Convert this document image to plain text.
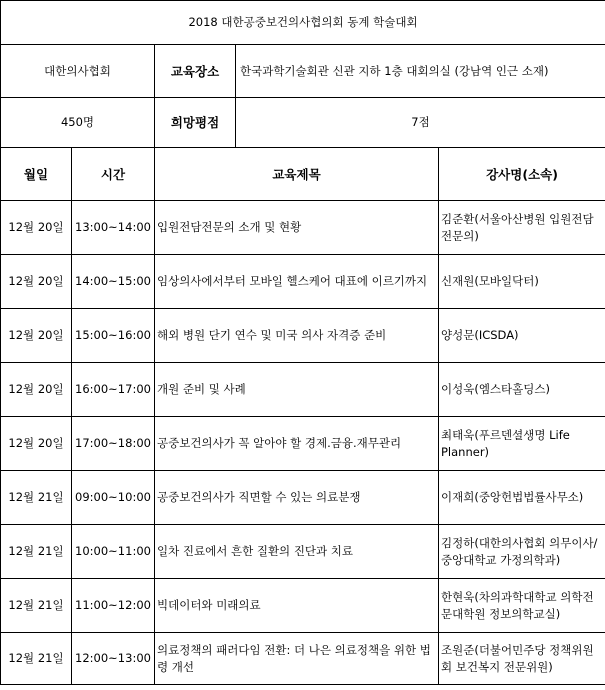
2018 대한공중보건의사협의회 동계 학술대회			
대한의사협회		교육장소 한국과학기술회관 신관 지하 1층 대회의실 (강남역 인근 소재)	

450명		희망평점 7점	

월일	시간	교육제목	강사명(소속)
12월 20일	13:00~14:00	입원전담전문의 소개 및 현황	김준환(서울아산병원 입원전담전문의)
12월 20일	14:00~15:00	임상의사에서부터 모바일 헬스케어 대표에 이르기까지	신재원(모바일닥터)
12월 20일	15:00~16:00	해외 병원 단기 연수 및 미국 의사 자격증 준비	양성문(ICSDA)
12월 20일	16:00~17:00	개원 준비 및 사례	이성욱(엠스타홀딩스)
12월 20일	17:00~18:00	공중보건의사가 꼭 알아야 할 경제.금융.재무관리	최태욱(푸르덴셜생명 Life Planner)
12월 21일	09:00~10:00	공중보건의사가 직면할 수 있는 의료분쟁	이재희(중앙헌법법률사무소)
12월 21일	10:00~11:00	일차 진료에서 흔한 질환의 진단과 치료	김정하(대한의사협회 의무이사/중앙대학교 가정의학과)
12월 21일	11:00~12:00	빅데이터와 미래의료	한현욱(차의과학대학교 의학전문대학원 정보의학교실)
12월 21일	12:00~13:00	의료정책의 패러다임 전환: 더 나은 의료정책을 위한 법령 개선	조원준(더불어민주당 정책위원회 보건복지 전문위원)
